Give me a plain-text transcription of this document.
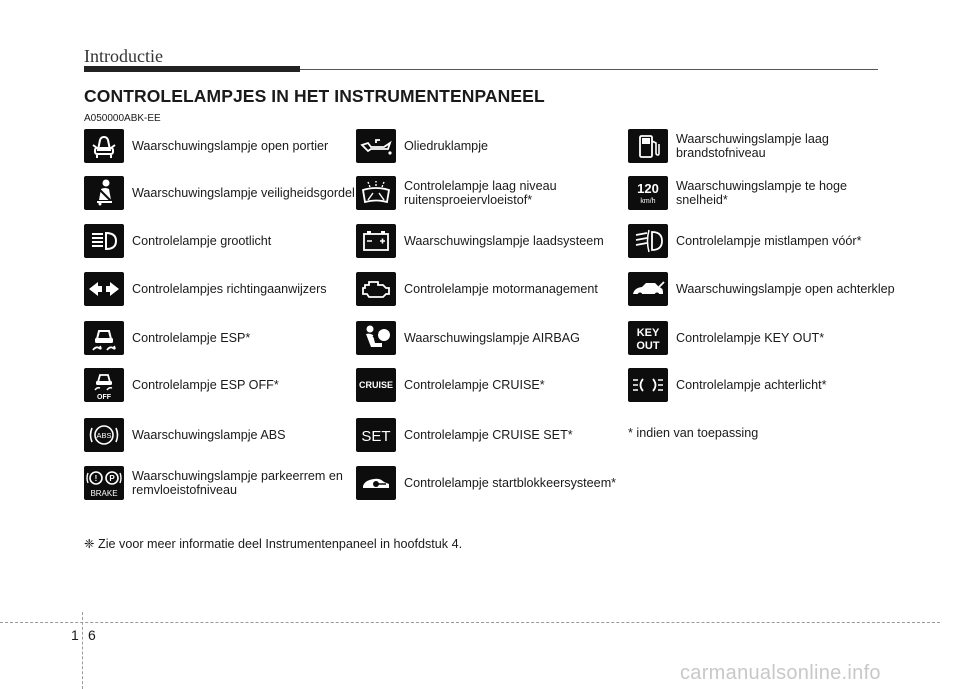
Introductie
CONTROLELAMPJES IN HET INSTRUMENTENPANEEL
A050000ABK-EE
Waarschuwingslampje open portier
Waarschuwingslampje veiligheidsgordel
Controlelampje grootlicht
Controlelampjes richtingaanwijzers
Controlelampje ESP*
OFF
Controlelampje ESP OFF*
ABS Waarschuwingslampje ABS
! P
BRAKE
Waarschuwingslampje parkeerrem en remvloeistofniveau
Oliedruklampje
Controlelampje laag niveau ruitensproeiervloeistof*
Waarschuwingslampje laadsysteem
Controlelampje motormanagement
Waarschuwingslampje AIRBAG
CRUISE Controlelampje CRUISE*
SET Controlelampje CRUISE SET*
Controlelampje startblokkeersysteem*
Waarschuwingslampje laag brandstofniveau
120
km/h
Waarschuwingslampje te hoge snelheid*
Controlelampje mistlampen vóór*
Waarschuwingslampje open achterklep
KEY
OUT
Controlelampje KEY OUT*
Controlelampje achterlicht*
* indien van toepassing
❈ Zie voor meer informatie deel Instrumentenpaneel in hoofdstuk 4.
1 6
carmanualsonline.info
